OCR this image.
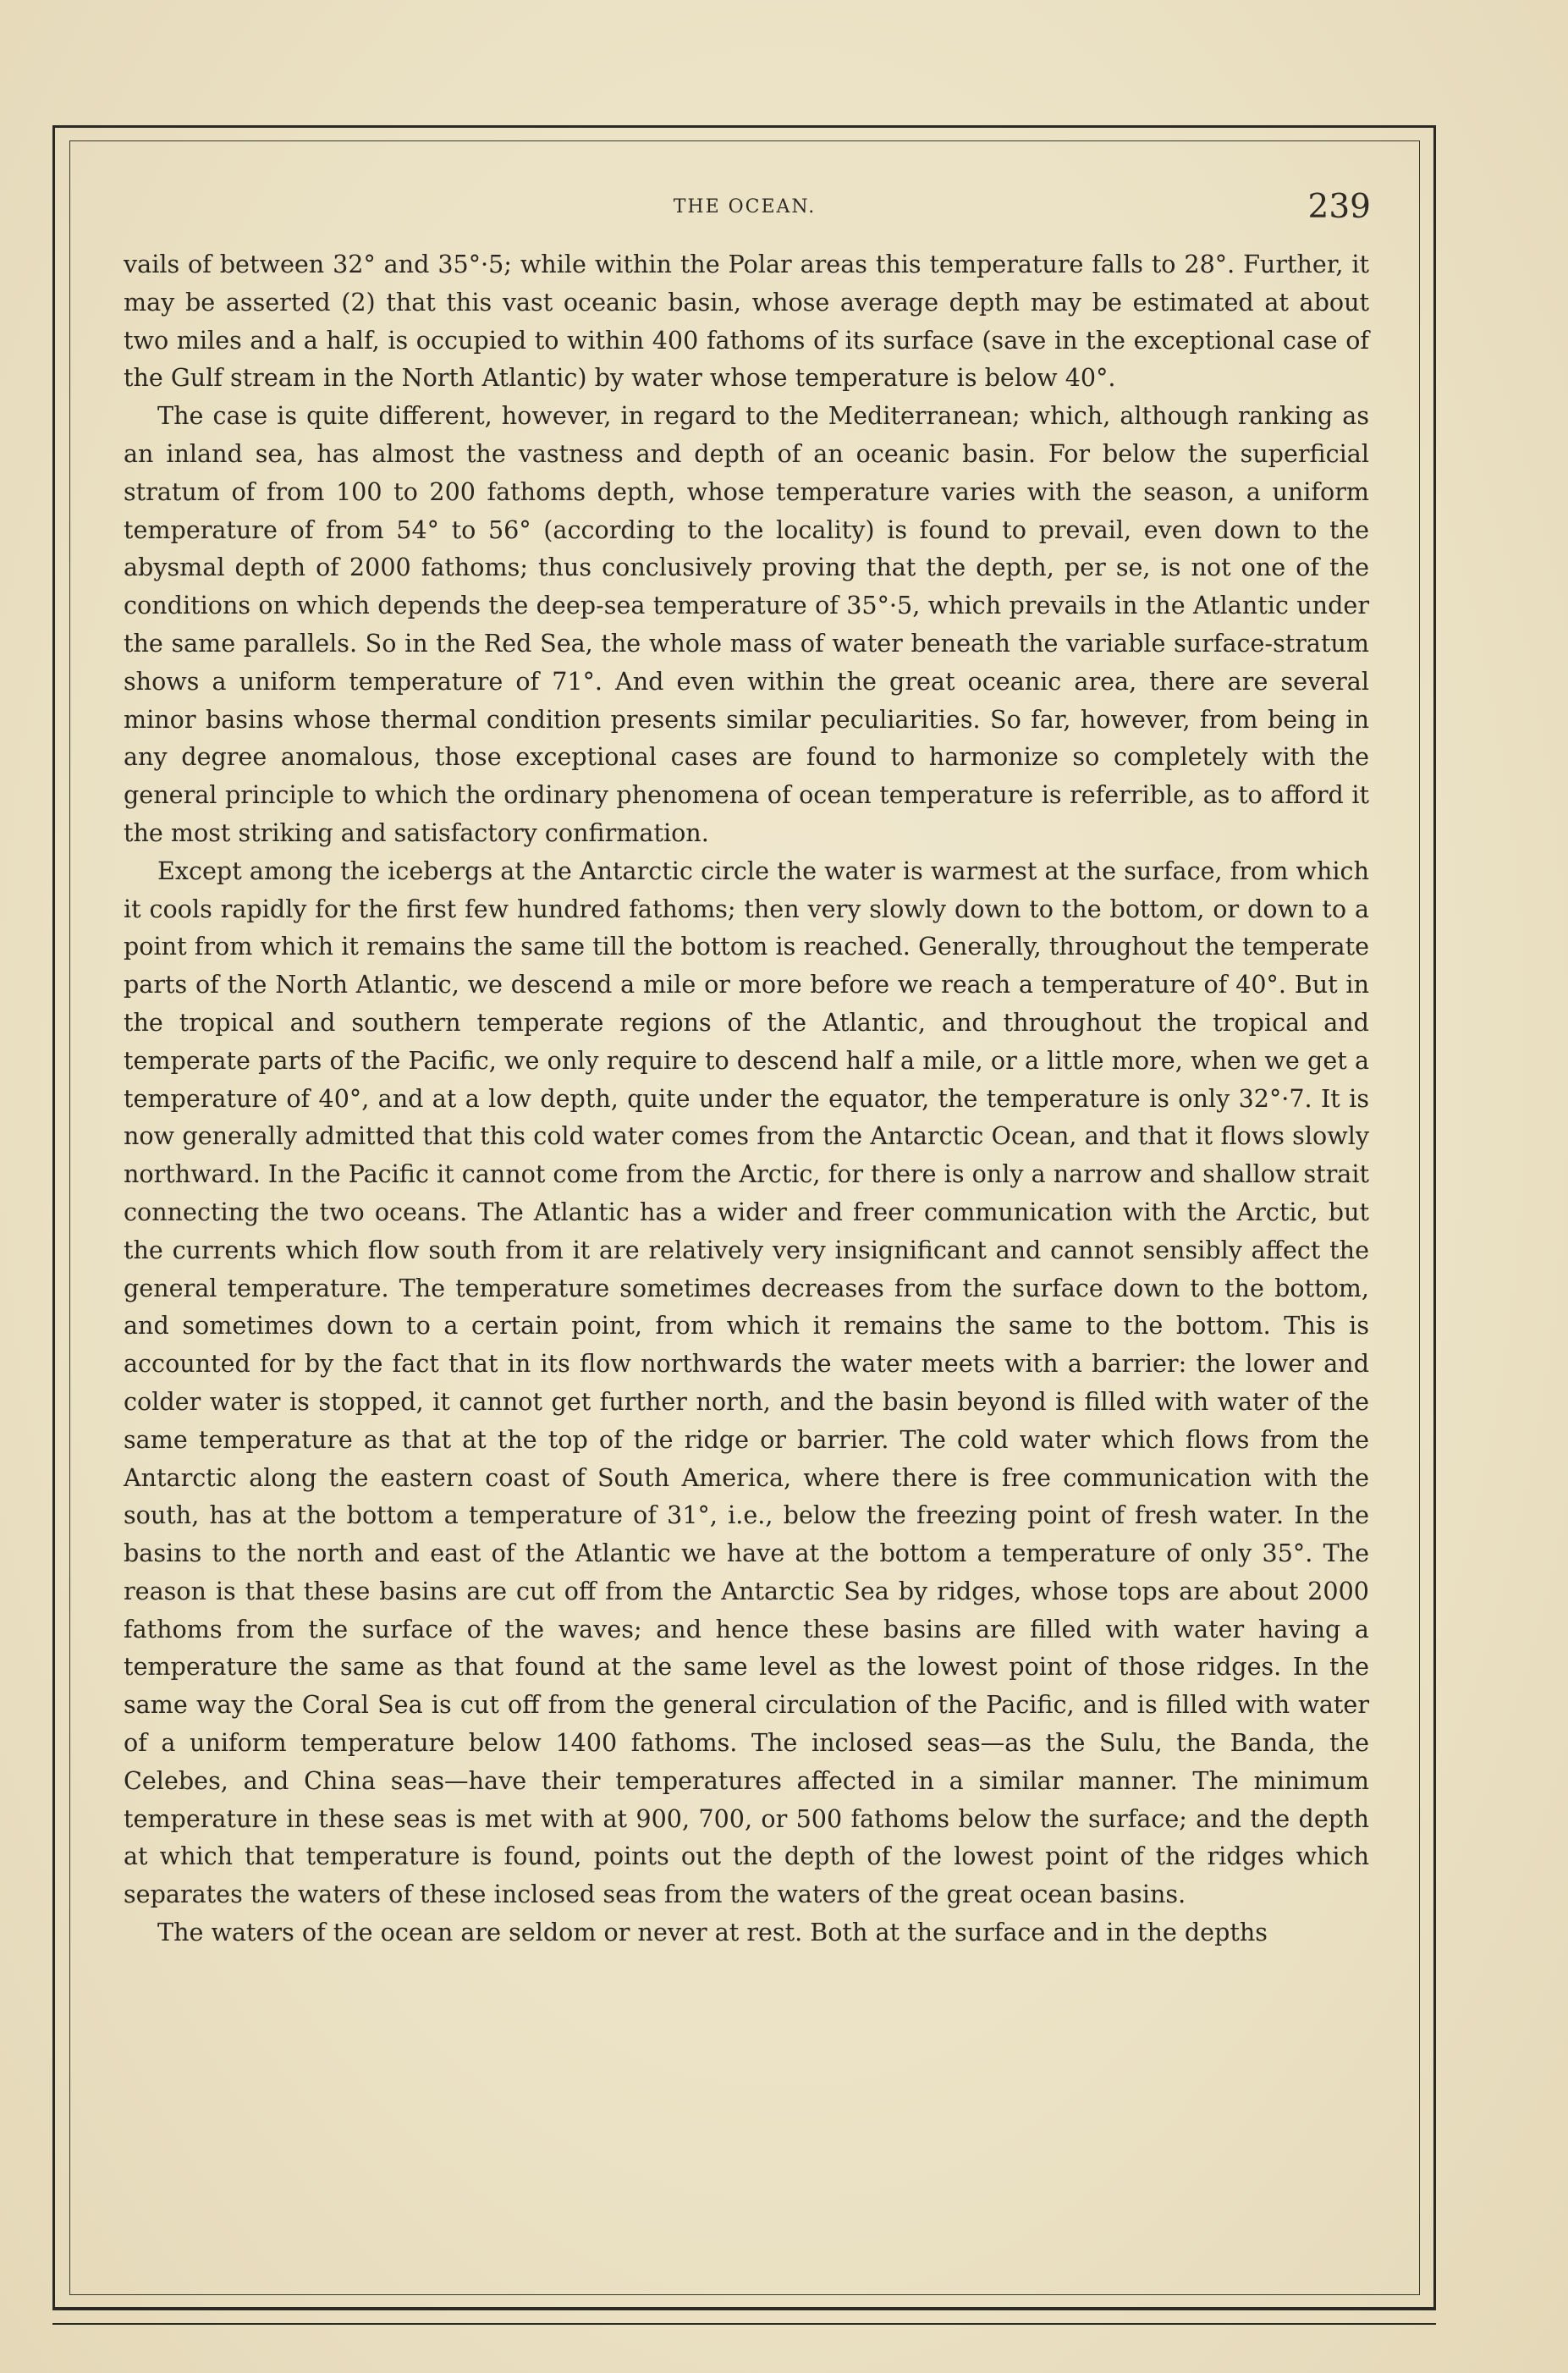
THE OCEAN.	239

vails of between 32° and 35°·5; while within the Polar areas this temperature falls to 28°. Further, it may be asserted (2) that this vast oceanic basin, whose average depth may be estimated at about two miles and a half, is occupied to within 400 fathoms of its surface (save in the exceptional case of the Gulf stream in the North Atlantic) by water whose temperature is below 40°.

The case is quite different, however, in regard to the Mediterranean; which, although ranking as an inland sea, has almost the vastness and depth of an oceanic basin. For below the superficial stratum of from 100 to 200 fathoms depth, whose temperature varies with the season, a uniform temperature of from 54° to 56° (according to the locality) is found to prevail, even down to the abysmal depth of 2000 fathoms; thus conclusively proving that the depth, per se, is not one of the conditions on which depends the deep-sea temperature of 35°·5, which prevails in the Atlantic under the same parallels. So in the Red Sea, the whole mass of water beneath the variable surface-stratum shows a uniform temperature of 71°. And even within the great oceanic area, there are several minor basins whose thermal condition presents similar peculiarities. So far, however, from being in any degree anomalous, those exceptional cases are found to harmonize so completely with the general principle to which the ordinary phenomena of ocean temperature is referrible, as to afford it the most striking and satisfactory confirmation.

Except among the icebergs at the Antarctic circle the water is warmest at the surface, from which it cools rapidly for the first few hundred fathoms; then very slowly down to the bottom, or down to a point from which it remains the same till the bottom is reached. Generally, throughout the temperate parts of the North Atlantic, we descend a mile or more before we reach a temperature of 40°. But in the tropical and southern temperate regions of the Atlantic, and throughout the tropical and temperate parts of the Pacific, we only require to descend half a mile, or a little more, when we get a temperature of 40°, and at a low depth, quite under the equator, the temperature is only 32°·7. It is now generally admitted that this cold water comes from the Antarctic Ocean, and that it flows slowly northward. In the Pacific it cannot come from the Arctic, for there is only a narrow and shallow strait connecting the two oceans. The Atlantic has a wider and freer communication with the Arctic, but the currents which flow south from it are relatively very insignificant and cannot sensibly affect the general temperature. The temperature sometimes decreases from the surface down to the bottom, and sometimes down to a certain point, from which it remains the same to the bottom. This is accounted for by the fact that in its flow northwards the water meets with a barrier: the lower and colder water is stopped, it cannot get further north, and the basin beyond is filled with water of the same temperature as that at the top of the ridge or barrier. The cold water which flows from the Antarctic along the eastern coast of South America, where there is free communication with the south, has at the bottom a temperature of 31°, i.e., below the freezing point of fresh water. In the basins to the north and east of the Atlantic we have at the bottom a temperature of only 35°. The reason is that these basins are cut off from the Antarctic Sea by ridges, whose tops are about 2000 fathoms from the surface of the waves; and hence these basins are filled with water having a temperature the same as that found at the same level as the lowest point of those ridges. In the same way the Coral Sea is cut off from the general circulation of the Pacific, and is filled with water of a uniform temperature below 1400 fathoms. The inclosed seas—as the Sulu, the Banda, the Celebes, and China seas—have their temperatures affected in a similar manner. The minimum temperature in these seas is met with at 900, 700, or 500 fathoms below the surface; and the depth at which that temperature is found, points out the depth of the lowest point of the ridges which separates the waters of these inclosed seas from the waters of the great ocean basins.

The waters of the ocean are seldom or never at rest. Both at the surface and in the depths
